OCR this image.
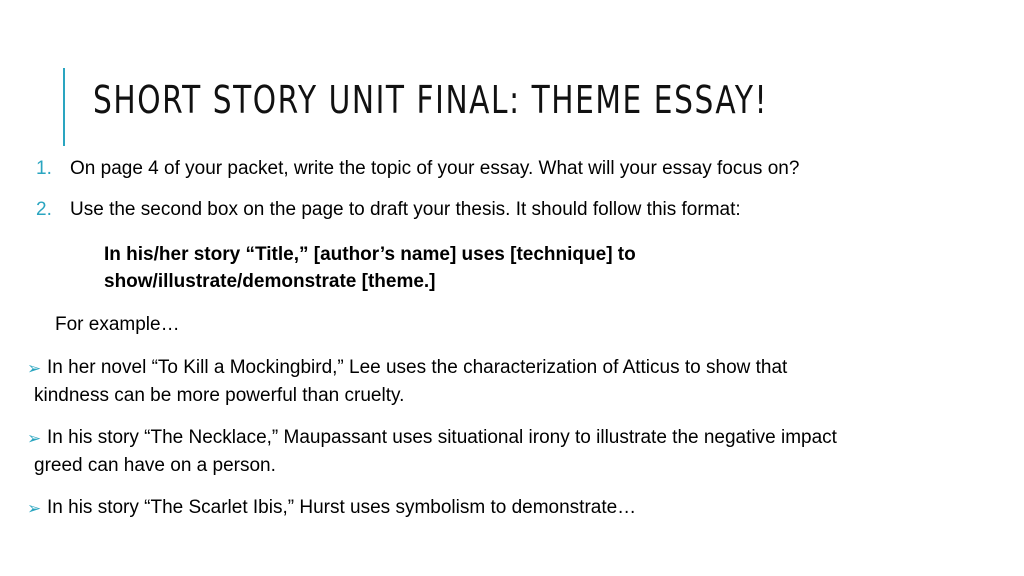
SHORT STORY UNIT FINAL: THEME ESSAY!
1. On page 4 of your packet, write the topic of your essay. What will your essay focus on?
2. Use the second box on the page to draft your thesis. It should follow this format:
In his/her story “Title,” [author’s name] uses [technique] to
show/illustrate/demonstrate [theme.]
For example…
➢ In her novel “To Kill a Mockingbird,” Lee uses the characterization of Atticus to show that
kindness can be more powerful than cruelty.
➢ In his story “The Necklace,” Maupassant uses situational irony to illustrate the negative impact
greed can have on a person.
➢ In his story “The Scarlet Ibis,” Hurst uses symbolism to demonstrate…
